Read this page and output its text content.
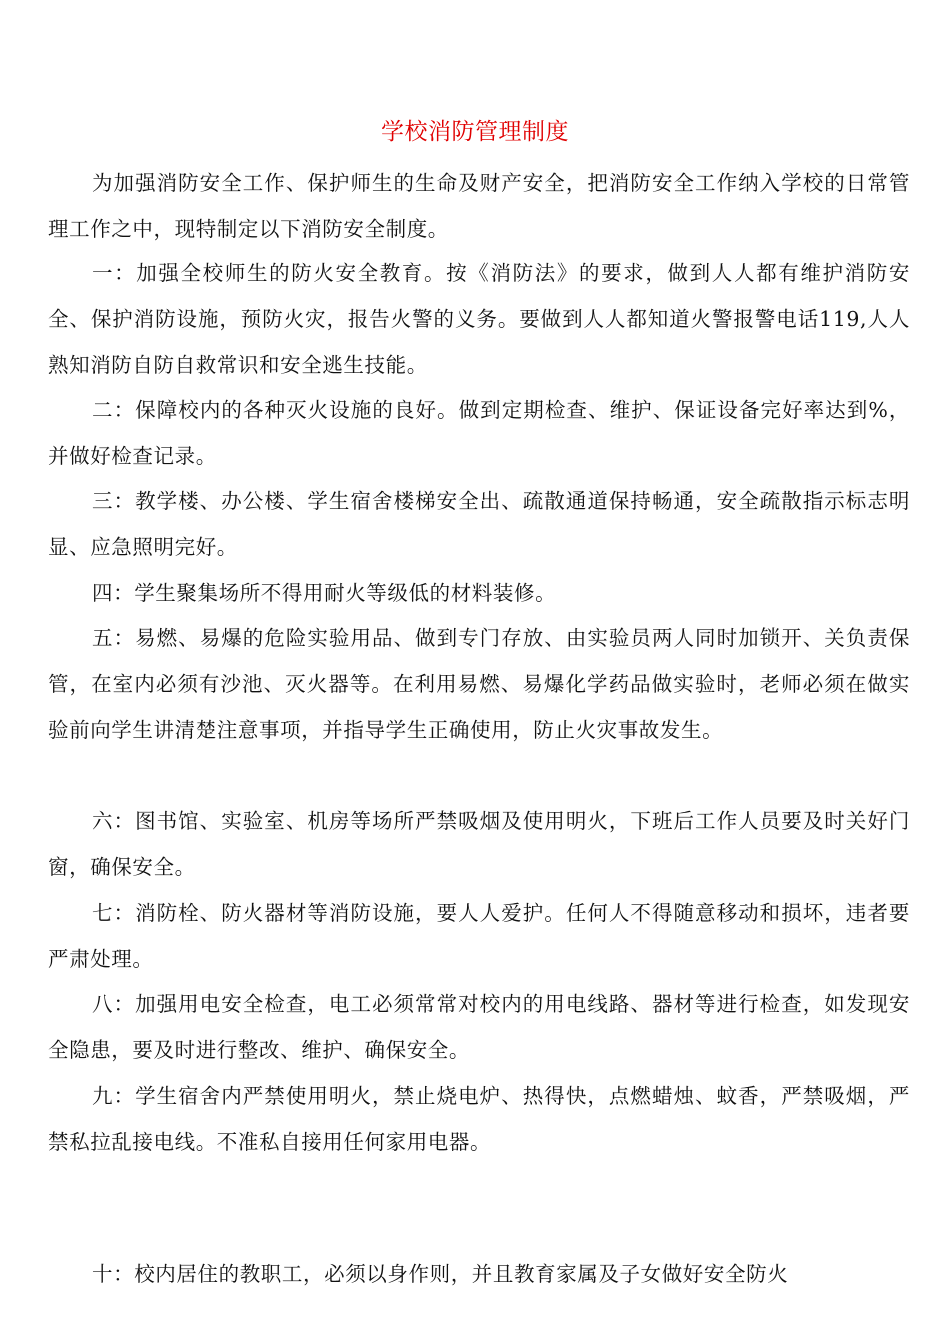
学校消防管理制度

为加强消防安全工作、保护师生的生命及财产安全，把消防安全工作纳入学校的日常管理工作之中，现特制定以下消防安全制度。

一：加强全校师生的防火安全教育。按《消防法》的要求，做到人人都有维护消防安全、保护消防设施，预防火灾，报告火警的义务。要做到人人都知道火警报警电话119,人人熟知消防自防自救常识和安全逃生技能。

二：保障校内的各种灭火设施的良好。做到定期检查、维护、保证设备完好率达到%，并做好检查记录。

三：教学楼、办公楼、学生宿舍楼梯安全出、疏散通道保持畅通，安全疏散指示标志明显、应急照明完好。

四：学生聚集场所不得用耐火等级低的材料装修。

五：易燃、易爆的危险实验用品、做到专门存放、由实验员两人同时加锁开、关负责保管，在室内必须有沙池、灭火器等。在利用易燃、易爆化学药品做实验时，老师必须在做实验前向学生讲清楚注意事项，并指导学生正确使用，防止火灾事故发生。

六：图书馆、实验室、机房等场所严禁吸烟及使用明火，下班后工作人员要及时关好门窗，确保安全。

七：消防栓、防火器材等消防设施，要人人爱护。任何人不得随意移动和损坏，违者要严肃处理。

八：加强用电安全检查，电工必须常常对校内的用电线路、器材等进行检查，如发现安全隐患，要及时进行整改、维护、确保安全。

九：学生宿舍内严禁使用明火，禁止烧电炉、热得快，点燃蜡烛、蚊香，严禁吸烟，严禁私拉乱接电线。不准私自接用任何家用电器。

十：校内居住的教职工，必须以身作则，并且教育家属及子女做好安全防火
